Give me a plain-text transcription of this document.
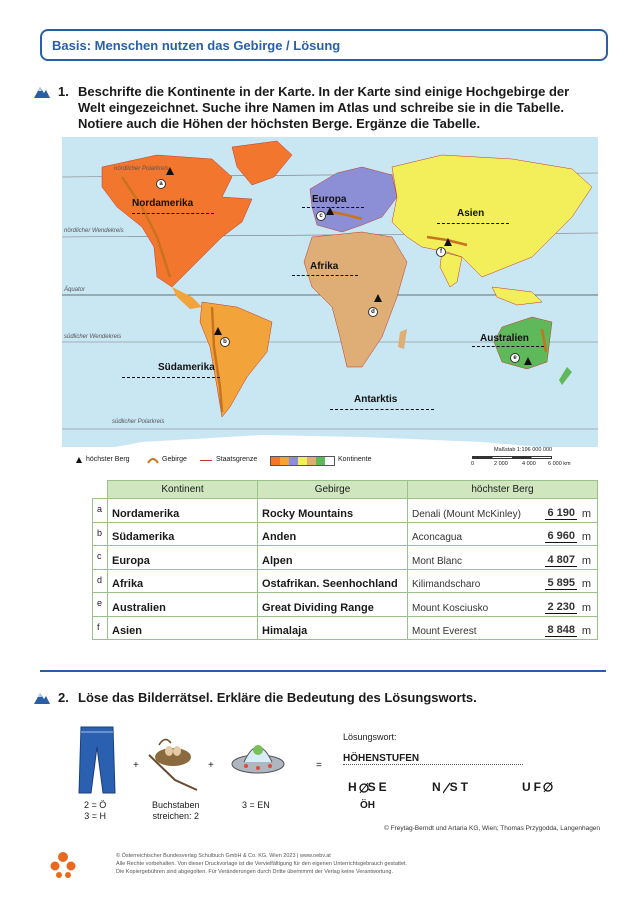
Basis: Menschen nutzen das Gebirge / Lösung
1. Beschrifte die Kontinente in der Karte. In der Karte sind einige Hochgebirge der Welt eingezeichnet. Suche ihre Namen im Atlas und schreibe sie in die Tabelle. Notiere auch die Höhen der höchsten Berge. Ergänze die Tabelle.
nördlicher Polarkreis
nördlicher Wendekreis
Äquator
südlicher Wendekreis
südlicher Polarkreis
Nordamerika	Europa
Asien
Afrika
Südamerika
Australien
Antarktis
a
b
c
d
e
f
höchster Berg	Gebirge	Staatsgrenze	Kontinente
Maßstab 1:196 000 000
0	2 000	4 000 6 000 km
	Kontinent	Gebirge	höchster Berg
a	Nordamerika	Rocky Mountains	Denali (Mount McKinley) 6 190 m

b	Südamerika	Anden	Aconcagua 6 960 m

c	Europa	Alpen	Mont Blanc 4 807 m

d	Afrika	Ostafrikan. Seenhochland	Kilimandscharo 5 895 m

e	Australien	Great Dividing Range	Mount Kosciusko 2 230 m

f	Asien	Himalaja	Mount Everest 8 848 m
2. Löse das Bilderrätsel. Erkläre die Bedeutung des Lösungsworts.
2 = Ö
3 = H
+
Buchstaben
streichen: 2
+
3 = EN
=
Lösungswort:
HÖHENSTUFEN
H SE
ÖH
N ST	UF
© Freytag-Berndt und Artaria KG, Wien; Thomas Przygodda, Langenhagen
© Österreichischer Bundesverlag Schulbuch GmbH & Co. KG, Wien 2023 | www.oebv.at
Alle Rechte vorbehalten. Von dieser Druckvorlage ist die Vervielfältigung für den eigenen Unterrichtsgebrauch gestattet.
Die Kopiergebühren sind abgegolten. Für Veränderungen durch Dritte übernimmt der Verlag keine Verantwortung.
